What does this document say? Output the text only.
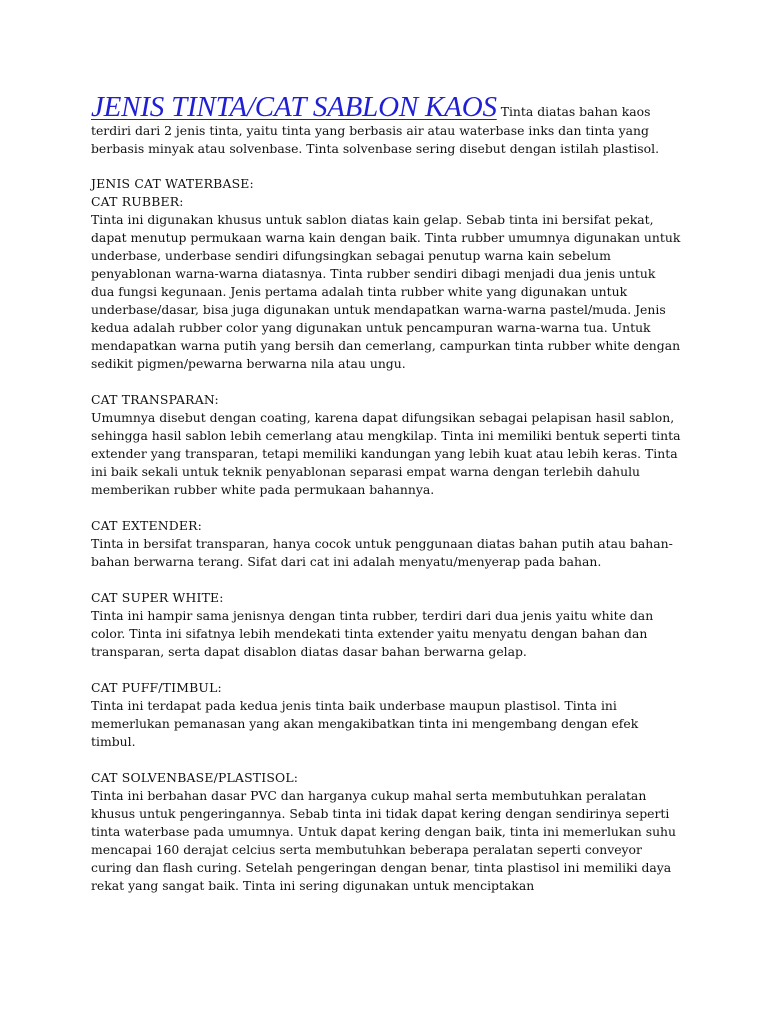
JENIS TINTA/CAT SABLON KAOS Tinta diatas bahan kaos terdiri dari 2 jenis tinta, yaitu tinta yang berbasis air atau waterbase inks dan tinta yang berbasis minyak atau solvenbase. Tinta solvenbase sering disebut dengan istilah plastisol.

JENIS CAT WATERBASE:
CAT RUBBER:
Tinta ini digunakan khusus untuk sablon diatas kain gelap. Sebab tinta ini bersifat pekat, dapat menutup permukaan warna kain dengan baik. Tinta rubber umumnya digunakan untuk underbase, underbase sendiri difungsingkan sebagai penutup warna kain sebelum penyablonan warna-warna diatasnya. Tinta rubber sendiri dibagi menjadi dua jenis untuk dua fungsi kegunaan. Jenis pertama adalah tinta rubber white yang digunakan untuk underbase/dasar, bisa juga digunakan untuk mendapatkan warna-warna pastel/muda. Jenis kedua adalah rubber color yang digunakan untuk pencampuran warna-warna tua. Untuk mendapatkan warna putih yang bersih dan cemerlang, campurkan tinta rubber white dengan sedikit pigmen/pewarna berwarna nila atau ungu.
CAT TRANSPARAN:
Umumnya disebut dengan coating, karena dapat difungsikan sebagai pelapisan hasil sablon, sehingga hasil sablon lebih cemerlang atau mengkilap. Tinta ini memiliki bentuk seperti tinta extender yang transparan, tetapi memiliki kandungan yang lebih kuat atau lebih keras. Tinta ini baik sekali untuk teknik penyablonan separasi empat warna dengan terlebih dahulu memberikan rubber white pada permukaan bahannya.
CAT EXTENDER:
Tinta in bersifat transparan, hanya cocok untuk penggunaan diatas bahan putih atau bahan-bahan berwarna terang. Sifat dari cat ini adalah menyatu/menyerap pada bahan.
CAT SUPER WHITE:
Tinta ini hampir sama jenisnya dengan tinta rubber, terdiri dari dua jenis yaitu white dan color. Tinta ini sifatnya lebih mendekati tinta extender yaitu menyatu dengan bahan dan transparan, serta dapat disablon diatas dasar bahan berwarna gelap.
CAT PUFF/TIMBUL:
Tinta ini terdapat pada kedua jenis tinta baik underbase maupun plastisol. Tinta ini memerlukan pemanasan yang akan mengakibatkan tinta ini mengembang dengan efek timbul.
CAT SOLVENBASE/PLASTISOL:
Tinta ini berbahan dasar PVC dan harganya cukup mahal serta membutuhkan peralatan khusus untuk pengeringannya. Sebab tinta ini tidak dapat kering dengan sendirinya seperti tinta waterbase pada umumnya. Untuk dapat kering dengan baik, tinta ini memerlukan suhu mencapai 160 derajat celcius serta membutuhkan beberapa peralatan seperti conveyor curing dan flash curing. Setelah pengeringan dengan benar, tinta plastisol ini memiliki daya rekat yang sangat baik. Tinta ini sering digunakan untuk menciptakan
